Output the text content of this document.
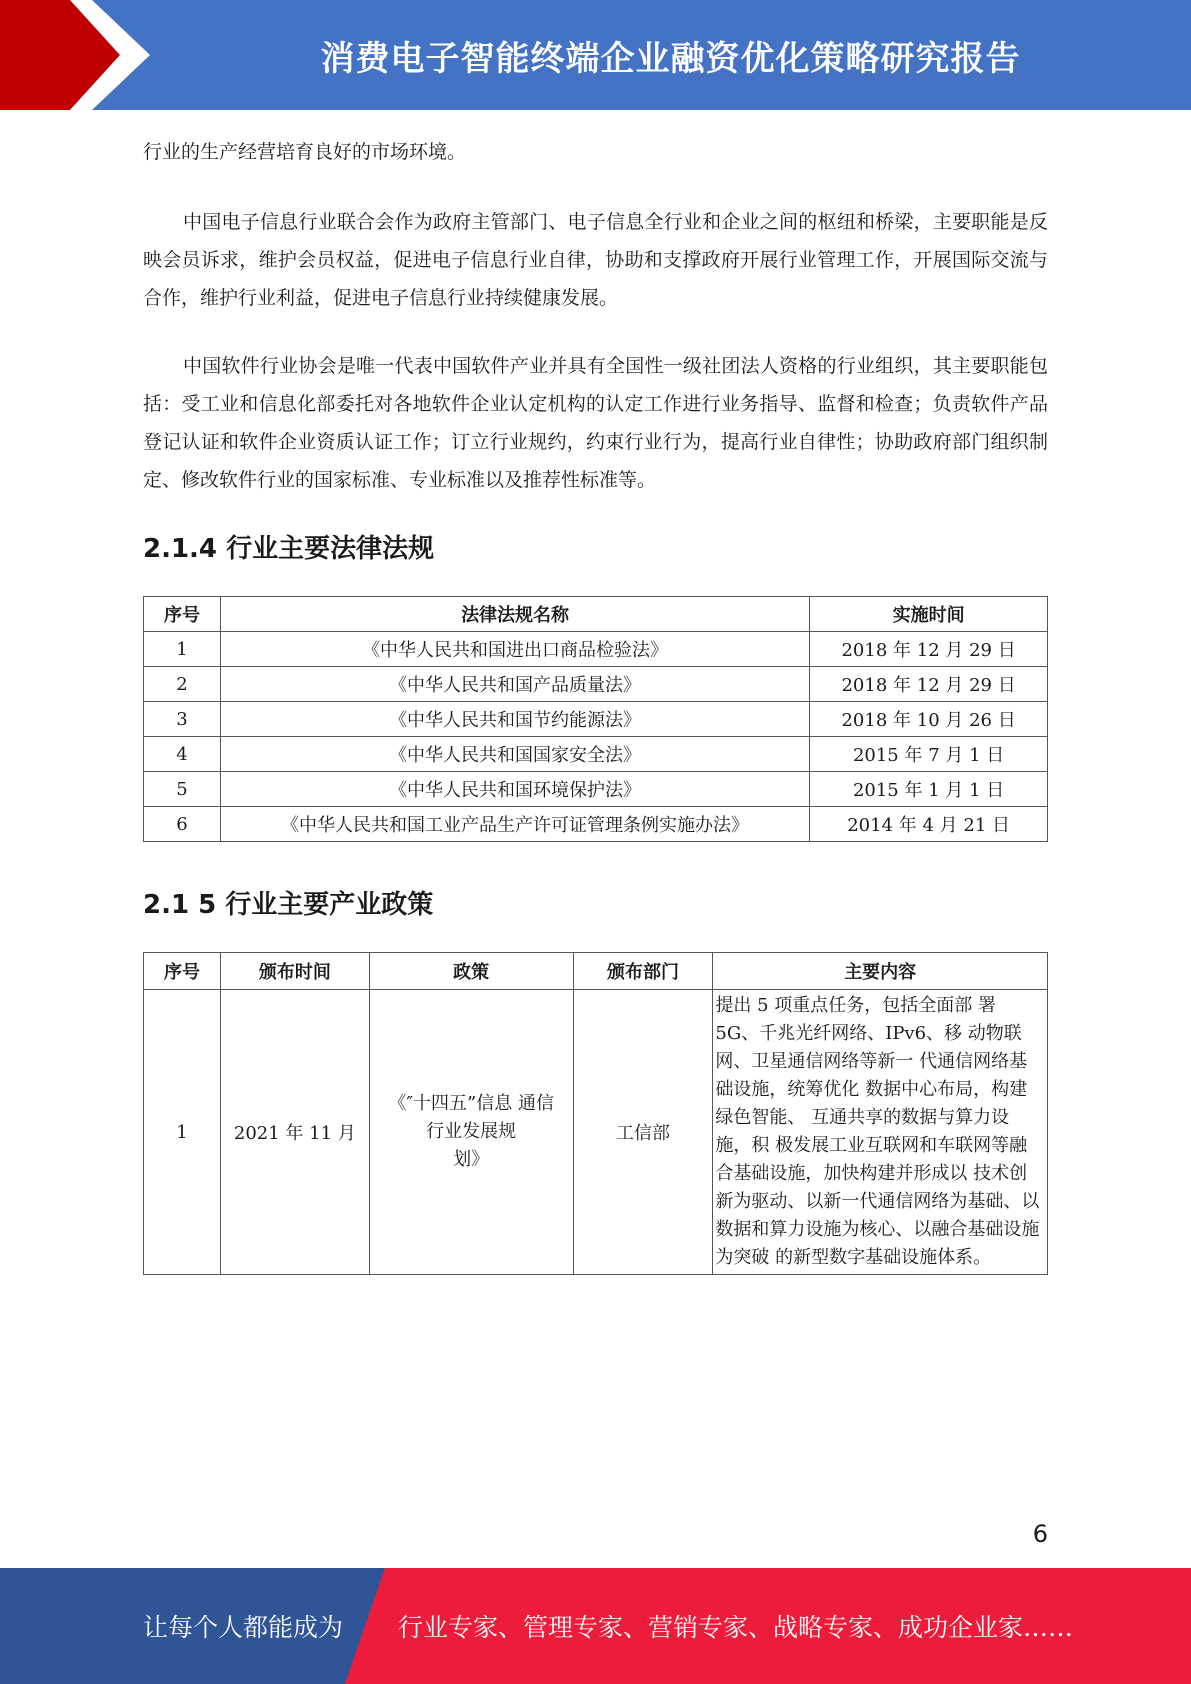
消费电子智能终端企业融资优化策略研究报告

行业的生产经营培育良好的市场环境。

中国电子信息行业联合会作为政府主管部门、电子信息全行业和企业之间的枢纽和桥梁，主要职能是反映会员诉求，维护会员权益，促进电子信息行业自律，协助和支撑政府开展行业管理工作，开展国际交流与合作，维护行业利益，促进电子信息行业持续健康发展。

中国软件行业协会是唯一代表中国软件产业并具有全国性一级社团法人资格的行业组织，其主要职能包括：受工业和信息化部委托对各地软件企业认定机构的认定工作进行业务指导、监督和检查；负责软件产品登记认证和软件企业资质认证工作；订立行业规约，约束行业行为，提高行业自律性；协助政府部门组织制定、修改软件行业的国家标准、专业标准以及推荐性标准等。

2.1.4 行业主要法律法规
序号	法律法规名称	实施时间
1	《中华人民共和国进出口商品检验法》	2018 年 12 月 29 日
2	《中华人民共和国产品质量法》	2018 年 12 月 29 日
3	《中华人民共和国节约能源法》	2018 年 10 月 26 日
4	《中华人民共和国国家安全法》	2015 年 7 月 1 日
5	《中华人民共和国环境保护法》	2015 年 1 月 1 日
6	《中华人民共和国工业产品生产许可证管理条例实施办法》	2014 年 4 月 21 日
2.1 5 行业主要产业政策
序号	颁布时间	政策	颁布部门	主要内容
1	2021 年 11 月	《″十四五”信息 通信
行业发展规
划》	工信部	提出 5 项重点任务，包括全面部 署 5G、千兆光纤网络、IPv6、移 动物联网、卫星通信网络等新一 代通信网络基础设施，统筹优化 数据中心布局，构建绿色智能、 互通共享的数据与算力设施，积 极发展工业互联网和车联网等融 合基础设施，加快构建并形成以 技术创新为驱动、以新一代通信网络为基础、以数据和算力设施为核心、以融合基础设施为突破 的新型数字基础设施体系。
6
让每个人都能成为 行业专家、管理专家、营销专家、战略专家、成功企业家……
